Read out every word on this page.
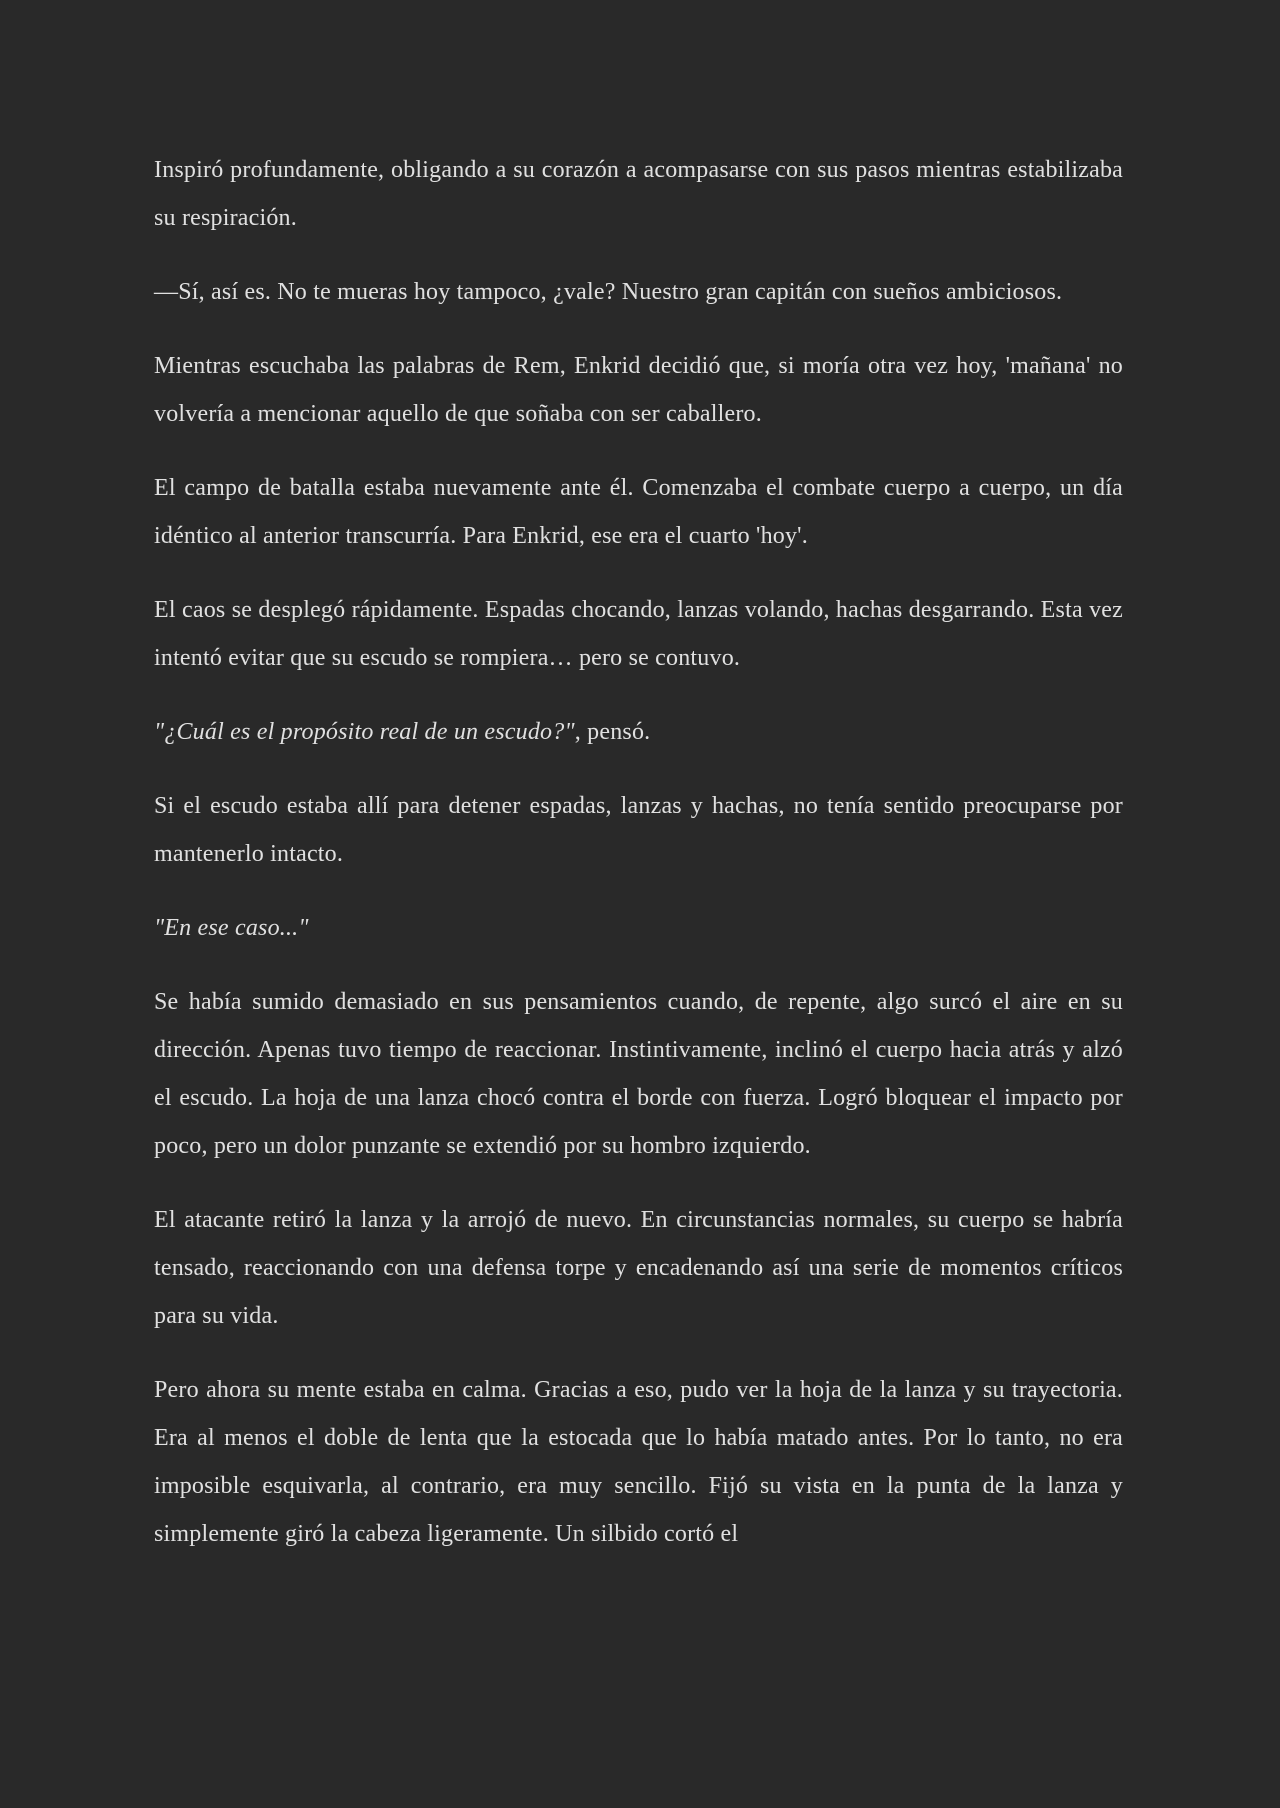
Inspiró profundamente, obligando a su corazón a acompasarse con sus pasos mientras estabilizaba su respiración.

—Sí, así es. No te mueras hoy tampoco, ¿vale? Nuestro gran capitán con sueños ambiciosos.

Mientras escuchaba las palabras de Rem, Enkrid decidió que, si moría otra vez hoy, 'mañana' no volvería a mencionar aquello de que soñaba con ser caballero.

El campo de batalla estaba nuevamente ante él. Comenzaba el combate cuerpo a cuerpo, un día idéntico al anterior transcurría. Para Enkrid, ese era el cuarto 'hoy'.

El caos se desplegó rápidamente. Espadas chocando, lanzas volando, hachas desgarrando. Esta vez intentó evitar que su escudo se rompiera… pero se contuvo.

"¿Cuál es el propósito real de un escudo?", pensó.

Si el escudo estaba allí para detener espadas, lanzas y hachas, no tenía sentido preocuparse por mantenerlo intacto.

"En ese caso..."

Se había sumido demasiado en sus pensamientos cuando, de repente, algo surcó el aire en su dirección. Apenas tuvo tiempo de reaccionar. Instintivamente, inclinó el cuerpo hacia atrás y alzó el escudo. La hoja de una lanza chocó contra el borde con fuerza. Logró bloquear el impacto por poco, pero un dolor punzante se extendió por su hombro izquierdo.

El atacante retiró la lanza y la arrojó de nuevo. En circunstancias normales, su cuerpo se habría tensado, reaccionando con una defensa torpe y encadenando así una serie de momentos críticos para su vida.

Pero ahora su mente estaba en calma. Gracias a eso, pudo ver la hoja de la lanza y su trayectoria. Era al menos el doble de lenta que la estocada que lo había matado antes. Por lo tanto, no era imposible esquivarla, al contrario, era muy sencillo. Fijó su vista en la punta de la lanza y simplemente giró la cabeza ligeramente. Un silbido cortó el
